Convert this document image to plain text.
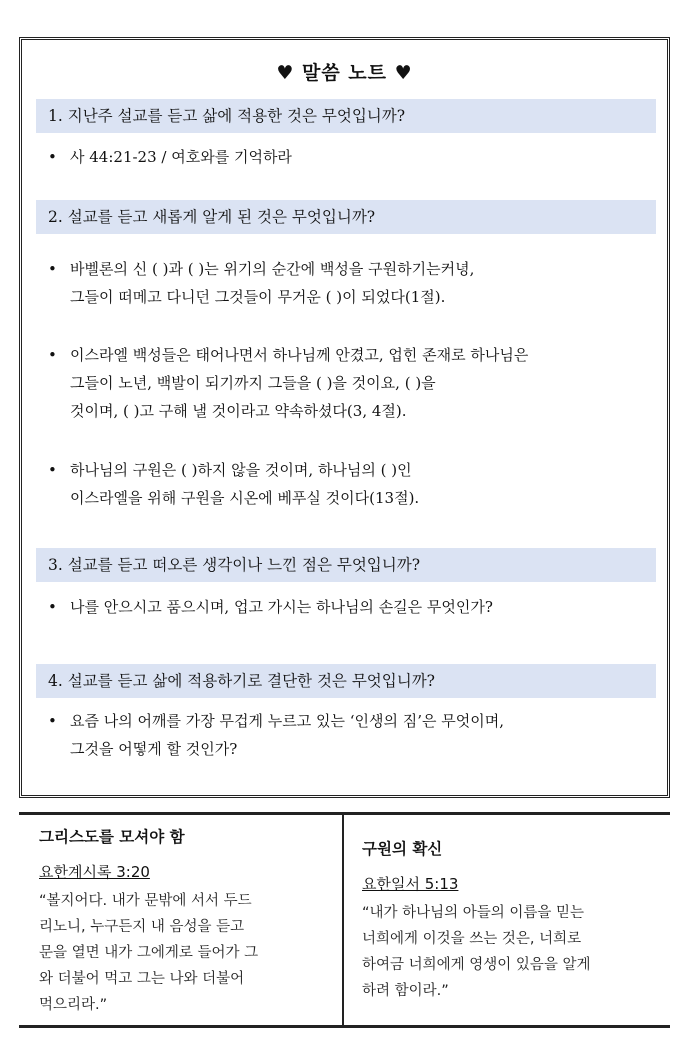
♥ 말씀 노트 ♥
1. 지난주 설교를 듣고 삶에 적용한 것은 무엇입니까?
• 사 44:21-23 / 여호와를 기억하라
2. 설교를 듣고 새롭게 알게 된 것은 무엇입니까?
• 바벨론의 신 ( )과 ( )는 위기의 순간에 백성을 구원하기는커녕,
그들이 떠메고 다니던 그것들이 무거운 ( )이 되었다(1절).
• 이스라엘 백성들은 태어나면서 하나님께 안겼고, 업힌 존재로 하나님은
그들이 노년, 백발이 되기까지 그들을 ( )을 것이요, ( )을
것이며, ( )고 구해 낼 것이라고 약속하셨다(3, 4절).
• 하나님의 구원은 ( )하지 않을 것이며, 하나님의 ( )인
이스라엘을 위해 구원을 시온에 베푸실 것이다(13절).
3. 설교를 듣고 떠오른 생각이나 느낀 점은 무엇입니까?
• 나를 안으시고 품으시며, 업고 가시는 하나님의 손길은 무엇인가?
4. 설교를 듣고 삶에 적용하기로 결단한 것은 무엇입니까?
• 요즘 나의 어깨를 가장 무겁게 누르고 있는 ‘인생의 짐’은 무엇이며,
그것을 어떻게 할 것인가?
그리스도를 모셔야 함
요한계시록 3:20
“볼지어다. 내가 문밖에 서서 두드
리노니, 누구든지 내 음성을 듣고
문을 열면 내가 그에게로 들어가 그
와 더불어 먹고 그는 나와 더불어
먹으리라.”
구원의 확신
요한일서 5:13
“내가 하나님의 아들의 이름을 믿는
너희에게 이것을 쓰는 것은, 너희로
하여금 너희에게 영생이 있음을 알게
하려 함이라.”
